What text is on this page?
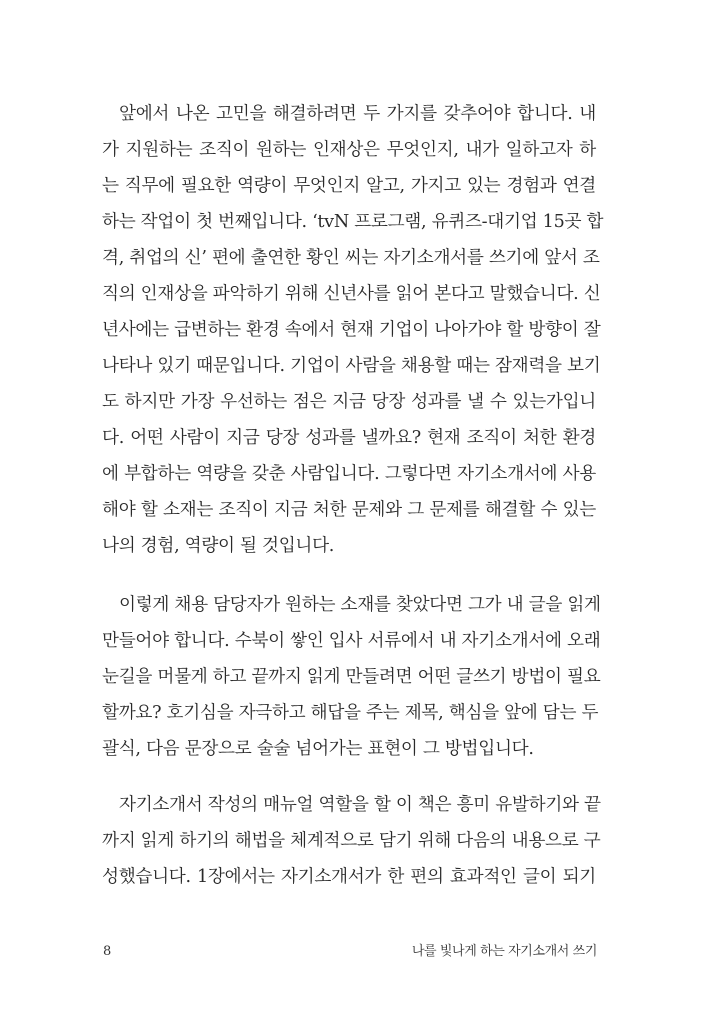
앞에서 나온 고민을 해결하려면 두 가지를 갖추어야 합니다. 내
가 지원하는 조직이 원하는 인재상은 무엇인지, 내가 일하고자 하
는 직무에 필요한 역량이 무엇인지 알고, 가지고 있는 경험과 연결
하는 작업이 첫 번째입니다. ‘tvN 프로그램, 유퀴즈-대기업 15곳 합
격, 취업의 신’ 편에 출연한 황인 씨는 자기소개서를 쓰기에 앞서 조
직의 인재상을 파악하기 위해 신년사를 읽어 본다고 말했습니다. 신
년사에는 급변하는 환경 속에서 현재 기업이 나아가야 할 방향이 잘
나타나 있기 때문입니다. 기업이 사람을 채용할 때는 잠재력을 보기
도 하지만 가장 우선하는 점은 지금 당장 성과를 낼 수 있는가입니
다. 어떤 사람이 지금 당장 성과를 낼까요? 현재 조직이 처한 환경
에 부합하는 역량을 갖춘 사람입니다. 그렇다면 자기소개서에 사용
해야 할 소재는 조직이 지금 처한 문제와 그 문제를 해결할 수 있는
나의 경험, 역량이 될 것입니다.
이렇게 채용 담당자가 원하는 소재를 찾았다면 그가 내 글을 읽게
만들어야 합니다. 수북이 쌓인 입사 서류에서 내 자기소개서에 오래
눈길을 머물게 하고 끝까지 읽게 만들려면 어떤 글쓰기 방법이 필요
할까요? 호기심을 자극하고 해답을 주는 제목, 핵심을 앞에 담는 두
괄식, 다음 문장으로 술술 넘어가는 표현이 그 방법입니다.
자기소개서 작성의 매뉴얼 역할을 할 이 책은 흥미 유발하기와 끝
까지 읽게 하기의 해법을 체계적으로 담기 위해 다음의 내용으로 구
성했습니다. 1장에서는 자기소개서가 한 편의 효과적인 글이 되기
8	나를 빛나게 하는 자기소개서 쓰기
